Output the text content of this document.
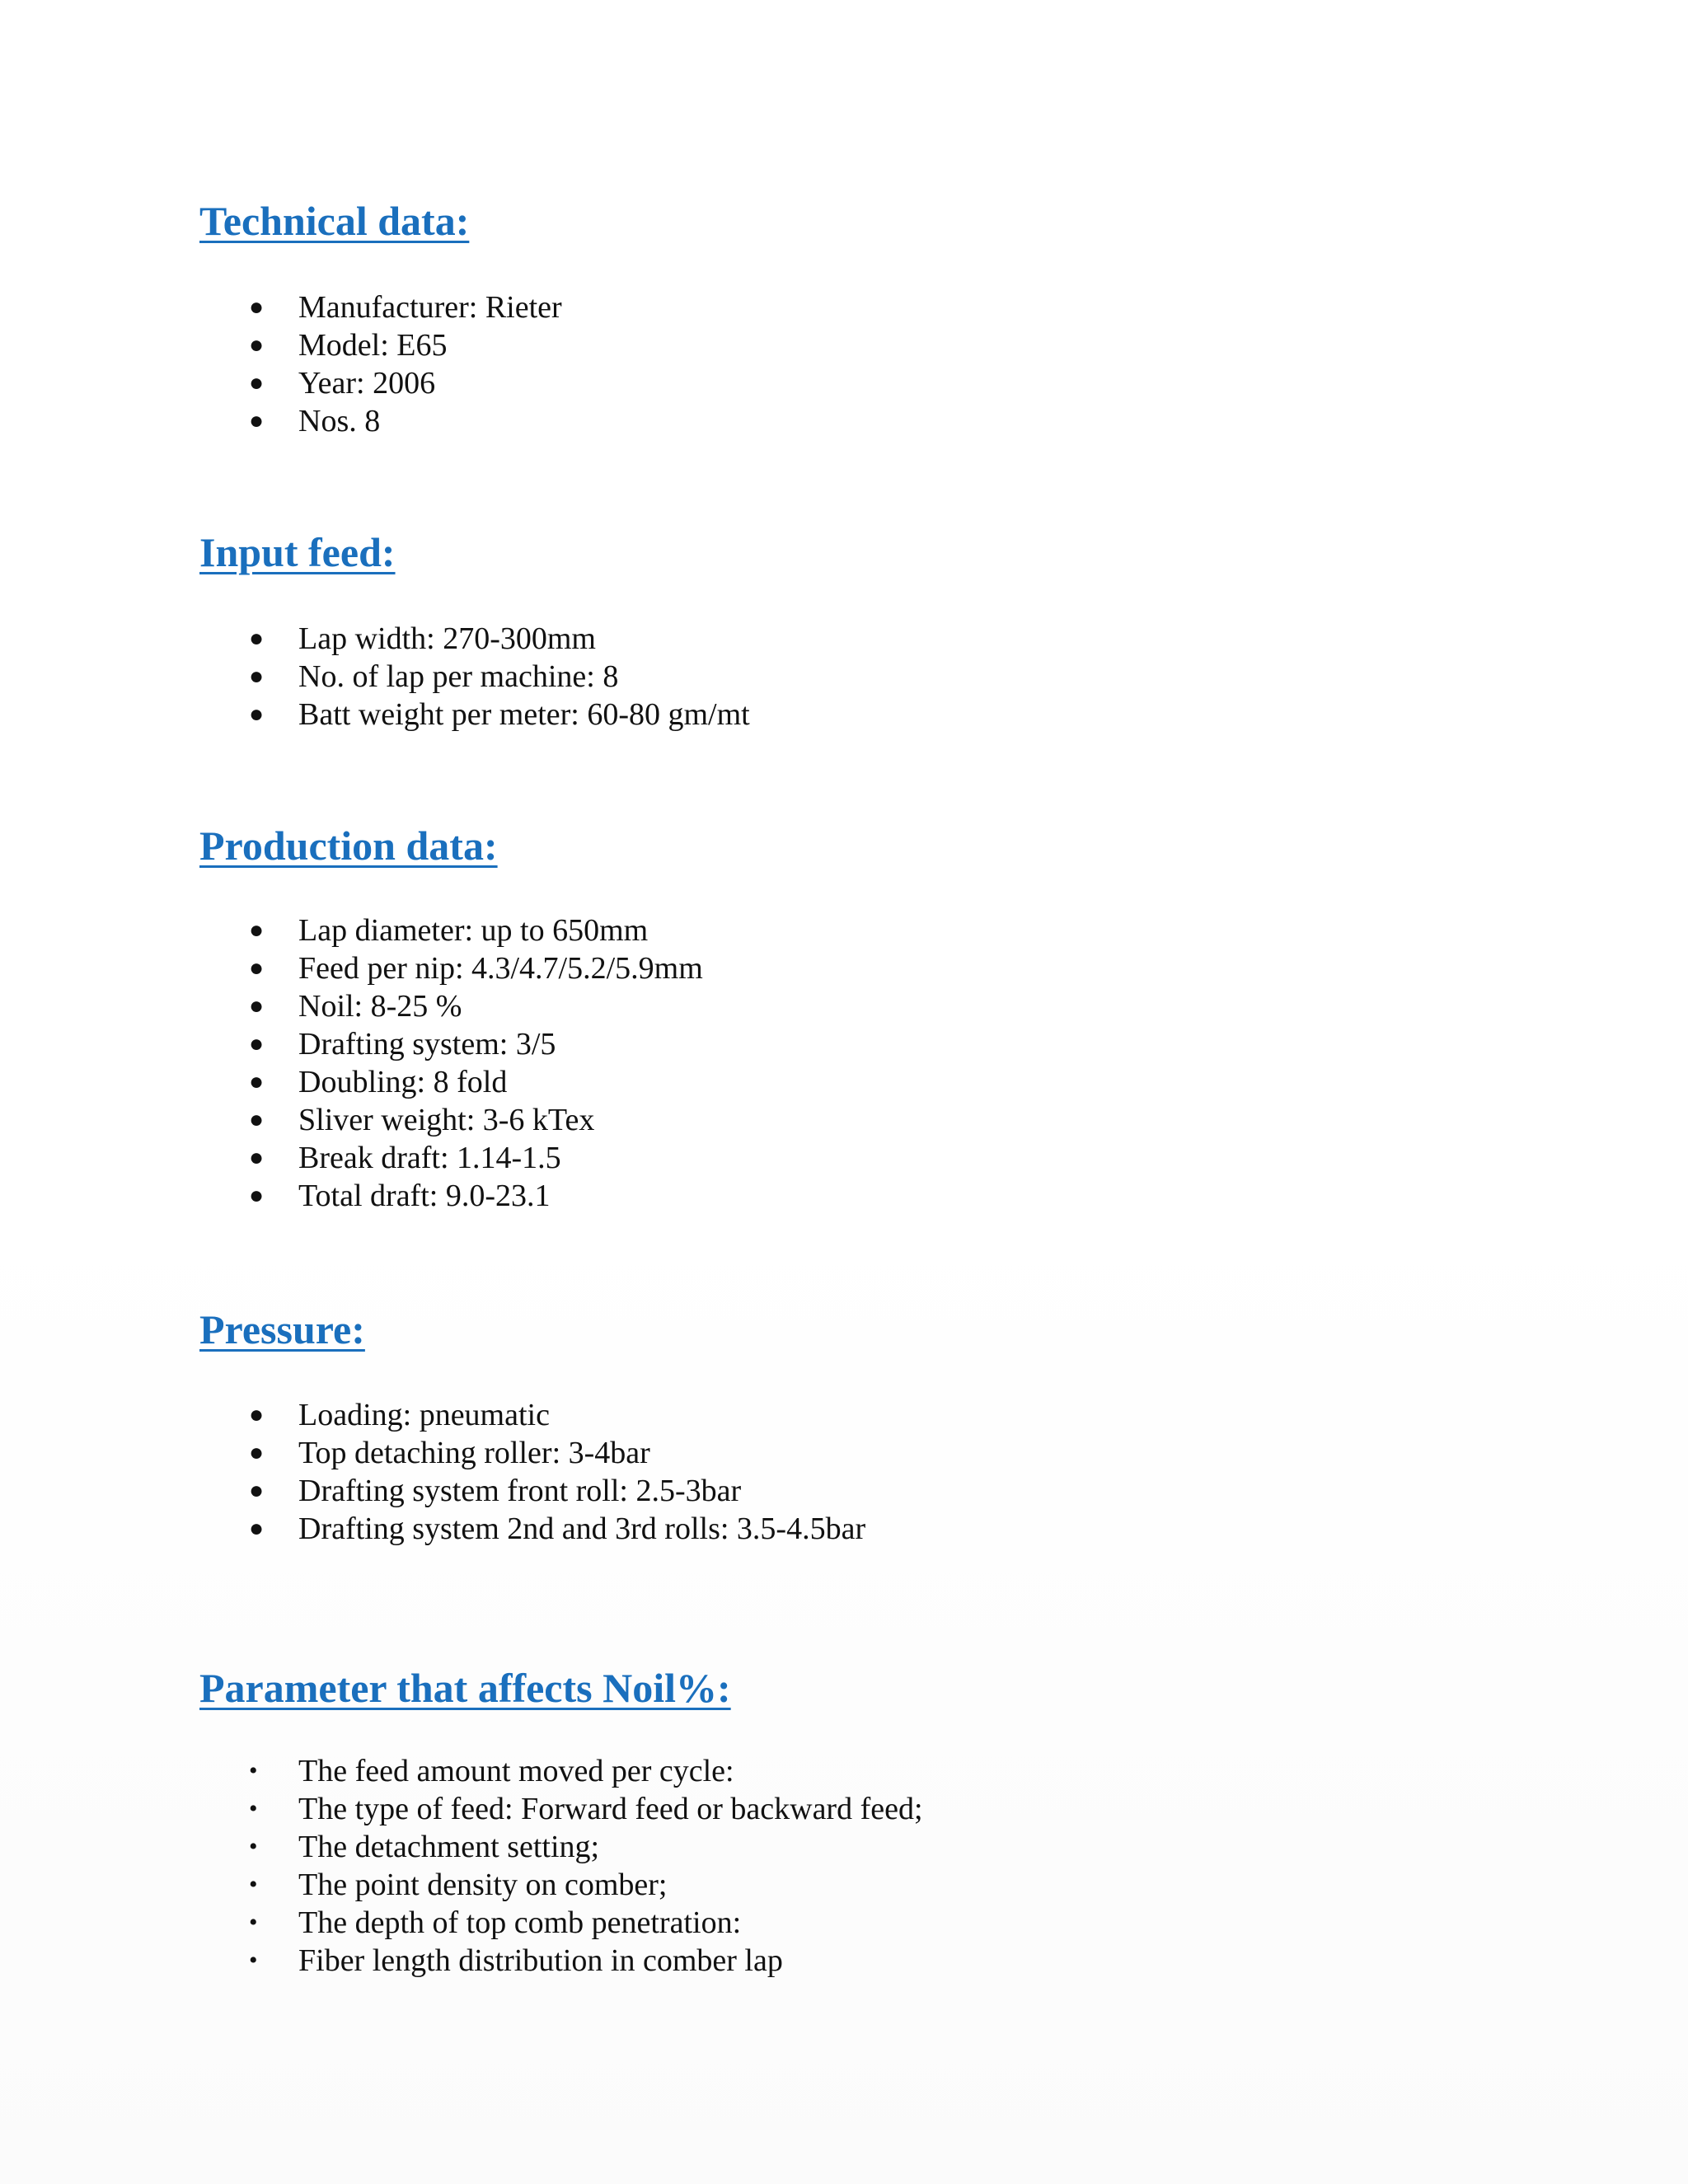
Technical data:
● Manufacturer: Rieter
● Model: E65
● Year: 2006
● Nos. 8
Input feed:
● Lap width: 270-300mm
● No. of lap per machine: 8
● Batt weight per meter: 60-80 gm/mt
Production data:
● Lap diameter: up to 650mm
● Feed per nip: 4.3/4.7/5.2/5.9mm
● Noil: 8-25 %
● Drafting system: 3/5
● Doubling: 8 fold
● Sliver weight: 3-6 kTex
● Break draft: 1.14-1.5
● Total draft: 9.0-23.1
Pressure:
● Loading: pneumatic
● Top detaching roller: 3-4bar
● Drafting system front roll: 2.5-3bar
● Drafting system 2nd and 3rd rolls: 3.5-4.5bar
Parameter that affects Noil%:
• The feed amount moved per cycle:
• The type of feed: Forward feed or backward feed;
• The detachment setting;
• The point density on comber;
• The depth of top comb penetration:
• Fiber length distribution in comber lap
